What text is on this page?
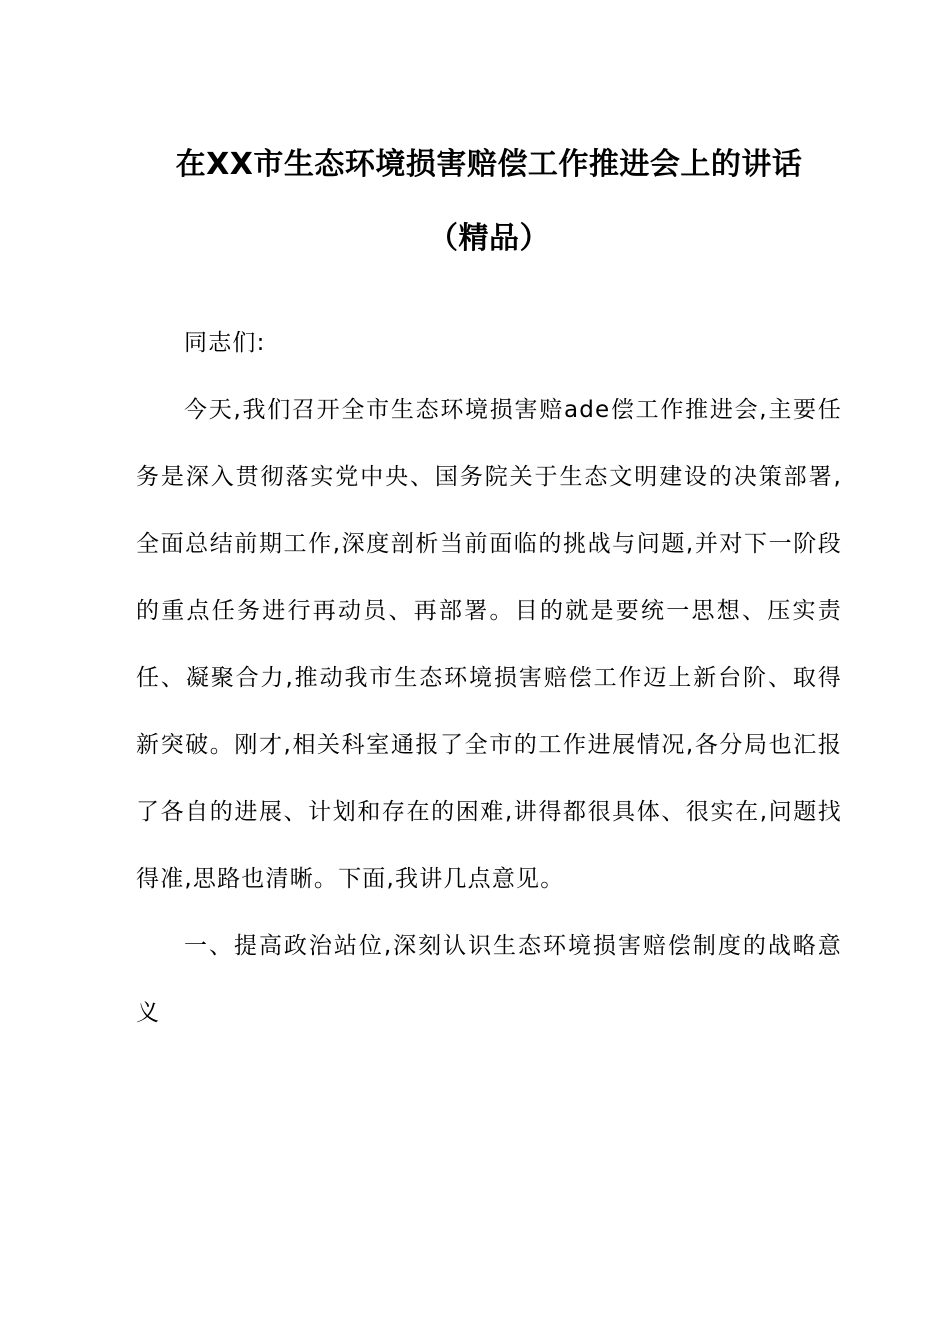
在XX市生态环境损害赔偿工作推进会上的讲话
（精品）

同志们:

今天,我们召开全市生态环境损害赔ade偿工作推进会,主要任务是深入贯彻落实党中央、国务院关于生态文明建设的决策部署,全面总结前期工作,深度剖析当前面临的挑战与问题,并对下一阶段的重点任务进行再动员、再部署。目的就是要统一思想、压实责任、凝聚合力,推动我市生态环境损害赔偿工作迈上新台阶、取得新突破。刚才,相关科室通报了全市的工作进展情况,各分局也汇报了各自的进展、计划和存在的困难,讲得都很具体、很实在,问题找得准,思路也清晰。下面,我讲几点意见。

一、提高政治站位,深刻认识生态环境损害赔偿制度的战略意义
